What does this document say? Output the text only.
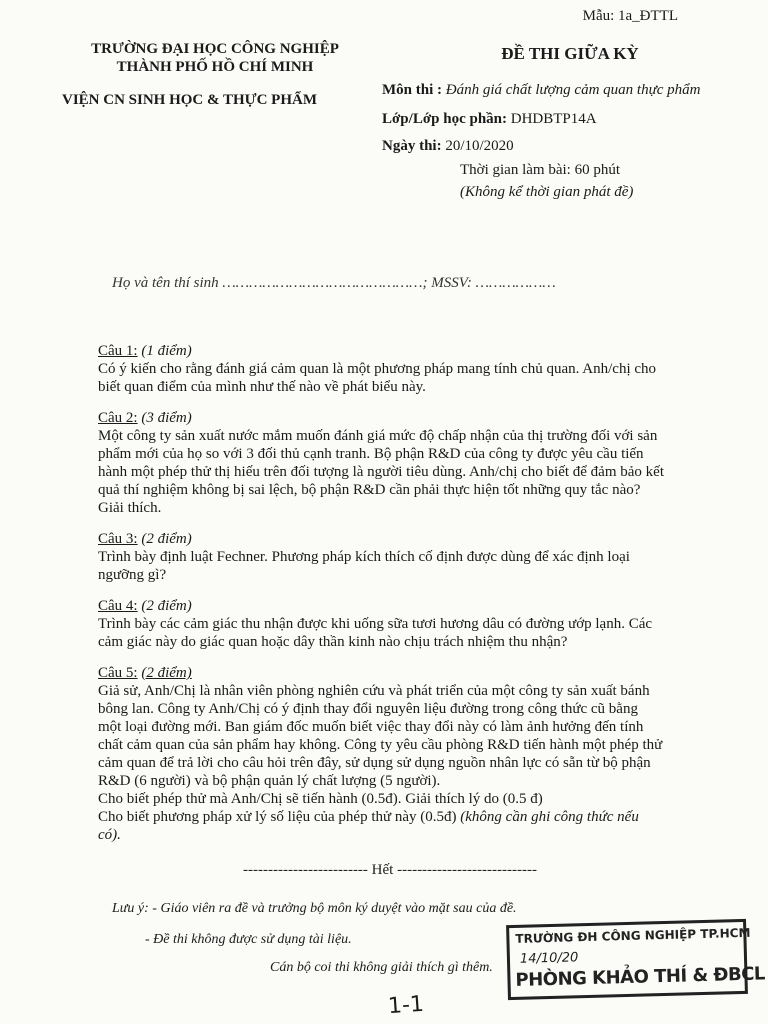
Mẫu: 1a_ĐTTL
TRƯỜNG ĐẠI HỌC CÔNG NGHIỆP
THÀNH PHỐ HỒ CHÍ MINH
VIỆN CN SINH HỌC & THỰC PHẨM
ĐỀ THI GIỮA KỲ
Môn thi : Đánh giá chất lượng cảm quan thực phẩm
Lớp/Lớp học phần: DHDBTP14A
Ngày thi: 20/10/2020
Thời gian làm bài: 60 phút
(Không kể thời gian phát đề)
Họ và tên thí sinh ………………………………………; MSSV: ………………
Câu 1: (1 điểm)

Có ý kiến cho rằng đánh giá cảm quan là một phương pháp mang tính chủ quan. Anh/chị cho

biết quan điểm của mình như thế nào về phát biểu này.

Câu 2: (3 điểm)

Một công ty sản xuất nước mắm muốn đánh giá mức độ chấp nhận của thị trường đối với sản

phẩm mới của họ so với 3 đối thủ cạnh tranh. Bộ phận R&D của công ty được yêu cầu tiến

hành một phép thử thị hiếu trên đối tượng là người tiêu dùng. Anh/chị cho biết để đảm bảo kết

quả thí nghiệm không bị sai lệch, bộ phận R&D cần phải thực hiện tốt những quy tắc nào?

Giải thích.

Câu 3: (2 điểm)

Trình bày định luật Fechner. Phương pháp kích thích cố định được dùng để xác định loại

ngưỡng gì?

Câu 4: (2 điểm)

Trình bày các cảm giác thu nhận được khi uống sữa tươi hương dâu có đường ướp lạnh. Các

cảm giác này do giác quan hoặc dây thần kinh nào chịu trách nhiệm thu nhận?

Câu 5: (2 điểm)

Giả sử, Anh/Chị là nhân viên phòng nghiên cứu và phát triển của một công ty sản xuất bánh

bông lan. Công ty Anh/Chị có ý định thay đổi nguyên liệu đường trong công thức cũ bằng

một loại đường mới. Ban giám đốc muốn biết việc thay đổi này có làm ảnh hưởng đến tính

chất cảm quan của sản phẩm hay không. Công ty yêu cầu phòng R&D tiến hành một phép thử

cảm quan để trả lời cho câu hỏi trên đây, sử dụng sử dụng nguồn nhân lực có sẵn từ bộ phận

R&D (6 người) và bộ phận quản lý chất lượng (5 người).

Cho biết phép thử mà Anh/Chị sẽ tiến hành (0.5đ). Giải thích lý do (0.5 đ)

Cho biết phương pháp xử lý số liệu của phép thử này (0.5đ) (không cần ghi công thức nếu

có).

------------------------- Hết ----------------------------
Lưu ý: - Giáo viên ra đề và trưởng bộ môn ký duyệt vào mặt sau của đề.
- Đề thi không được sử dụng tài liệu.
Cán bộ coi thi không giải thích gì thêm.
TRƯỜNG ĐH CÔNG NGHIỆP TP.HCM
14/10/20
PHÒNG KHẢO THÍ & ĐBCL
1-1
